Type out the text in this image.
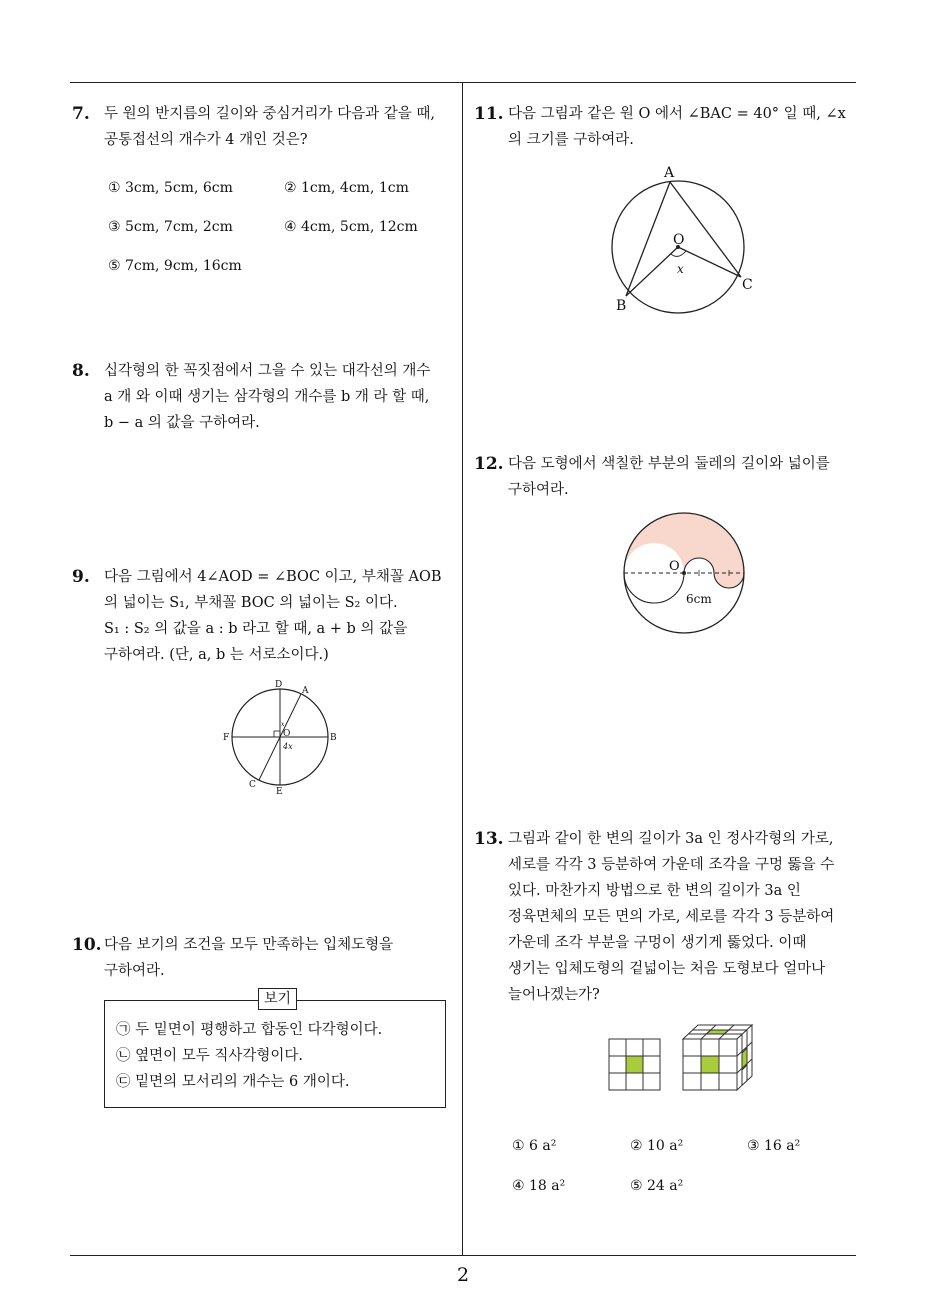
7. 두 원의 반지름의 길이와 중심거리가 다음과 같을 때,
공통접선의 개수가 4 개인 것은?
① 3cm, 5cm, 6cm	② 1cm, 4cm, 1cm
③ 5cm, 7cm, 2cm	④ 4cm, 5cm, 12cm
⑤ 7cm, 9cm, 16cm
8. 십각형의 한 꼭짓점에서 그을 수 있는 대각선의 개수
a 개 와 이때 생기는 삼각형의 개수를 b 개 라 할 때,
b − a 의 값을 구하여라.
9. 다음 그림에서 4∠AOD = ∠BOC 이고, 부채꼴 AOB
의 넓이는 S₁, 부채꼴 BOC 의 넓이는 S₂ 이다.
S₁ : S₂ 의 값을 a : b 라고 할 때, a + b 의 값을
구하여라. (단, a, b 는 서로소이다.)
D
A
F	B
C
E
O
x
4x
10. 다음 보기의 조건을 모두 만족하는 입체도형을
구하여라.
보기
㉠ 두 밑면이 평행하고 합동인 다각형이다.
㉡ 옆면이 모두 직사각형이다.
㉢ 밑면의 모서리의 개수는 6 개이다.
11. 다음 그림과 같은 원 O 에서 ∠BAC = 40° 일 때, ∠x
의 크기를 구하여라.
A
O
x
B
C
12. 다음 도형에서 색칠한 부분의 둘레의 길이와 넓이를
구하여라.
O
6cm
13. 그림과 같이 한 변의 길이가 3a 인 정사각형의 가로,
세로를 각각 3 등분하여 가운데 조각을 구멍 뚫을 수
있다. 마찬가지 방법으로 한 변의 길이가 3a 인
정육면체의 모든 면의 가로, 세로를 각각 3 등분하여
가운데 조각 부분을 구멍이 생기게 뚫었다. 이때
생기는 입체도형의 겉넓이는 처음 도형보다 얼마나
늘어나겠는가?
① 6 a²	② 10 a²	③ 16 a²
④ 18 a²	⑤ 24 a²
2
